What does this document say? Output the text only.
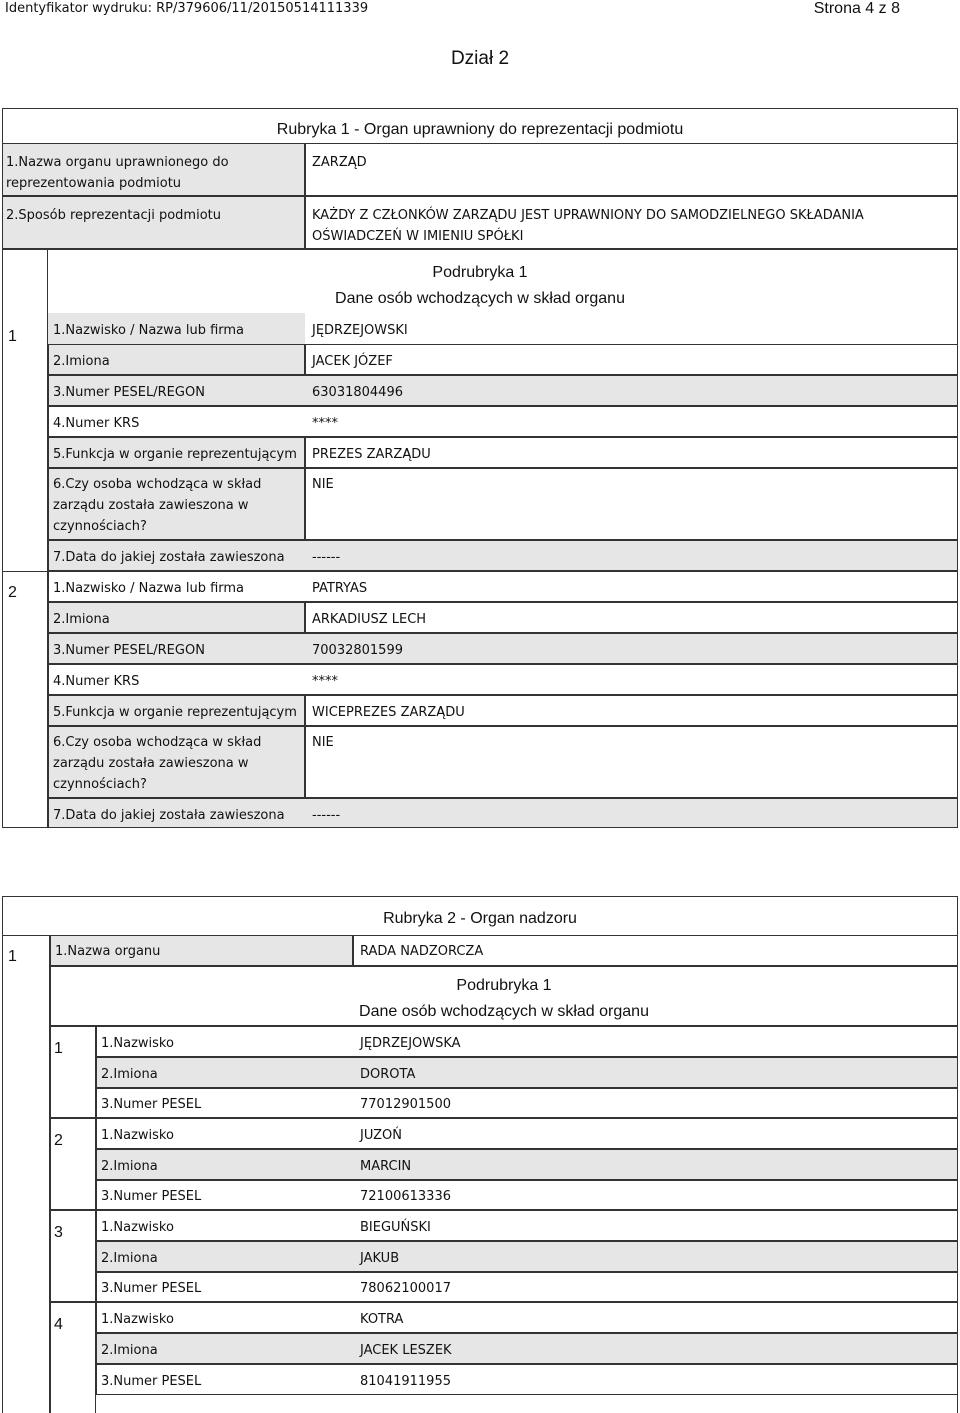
Identyfikator wydruku: RP/379606/11/20150514111339	Strona 4 z 8
Dział 2
Rubryka 1 - Organ uprawniony do reprezentacji podmiotu
1.Nazwa organu uprawnionego do reprezentowania podmiotu
ZARZĄD
2.Sposób reprezentacji podmiotu	KAŻDY Z CZŁONKÓW ZARZĄDU JEST UPRAWNIONY DO SAMODZIELNEGO SKŁADANIA OŚWIADCZEŃ W IMIENIU SPÓŁKI
Podrubryka 1
Dane osób wchodzących w skład organu
1	1.Nazwisko / Nazwa lub firma	JĘDRZEJOWSKI
2.Imiona	JACEK JÓZEF
3.Numer PESEL/REGON	63031804496
4.Numer KRS	****
5.Funkcja w organie reprezentującym PREZES ZARZĄDU
6.Czy osoba wchodząca w skład zarządu została zawieszona w czynnościach?
NIE
7.Data do jakiej została zawieszona ------
2	1.Nazwisko / Nazwa lub firma	PATRYAS
2.Imiona	ARKADIUSZ LECH
3.Numer PESEL/REGON	70032801599
4.Numer KRS	****
5.Funkcja w organie reprezentującym WICEPREZES ZARZĄDU
6.Czy osoba wchodząca w skład zarządu została zawieszona w czynnościach?
NIE
7.Data do jakiej została zawieszona ------
Rubryka 2 - Organ nadzoru
1	1.Nazwa organu	RADA NADZORCZA
Podrubryka 1
Dane osób wchodzących w skład organu
1	1.Nazwisko	JĘDRZEJOWSKA
2.Imiona	DOROTA
3.Numer PESEL	77012901500
2	1.Nazwisko	JUZOŃ
2.Imiona	MARCIN
3.Numer PESEL	72100613336
3	1.Nazwisko	BIEGUŃSKI
2.Imiona	JAKUB
3.Numer PESEL	78062100017
4	1.Nazwisko	KOTRA
2.Imiona	JACEK LESZEK
3.Numer PESEL	81041911955
